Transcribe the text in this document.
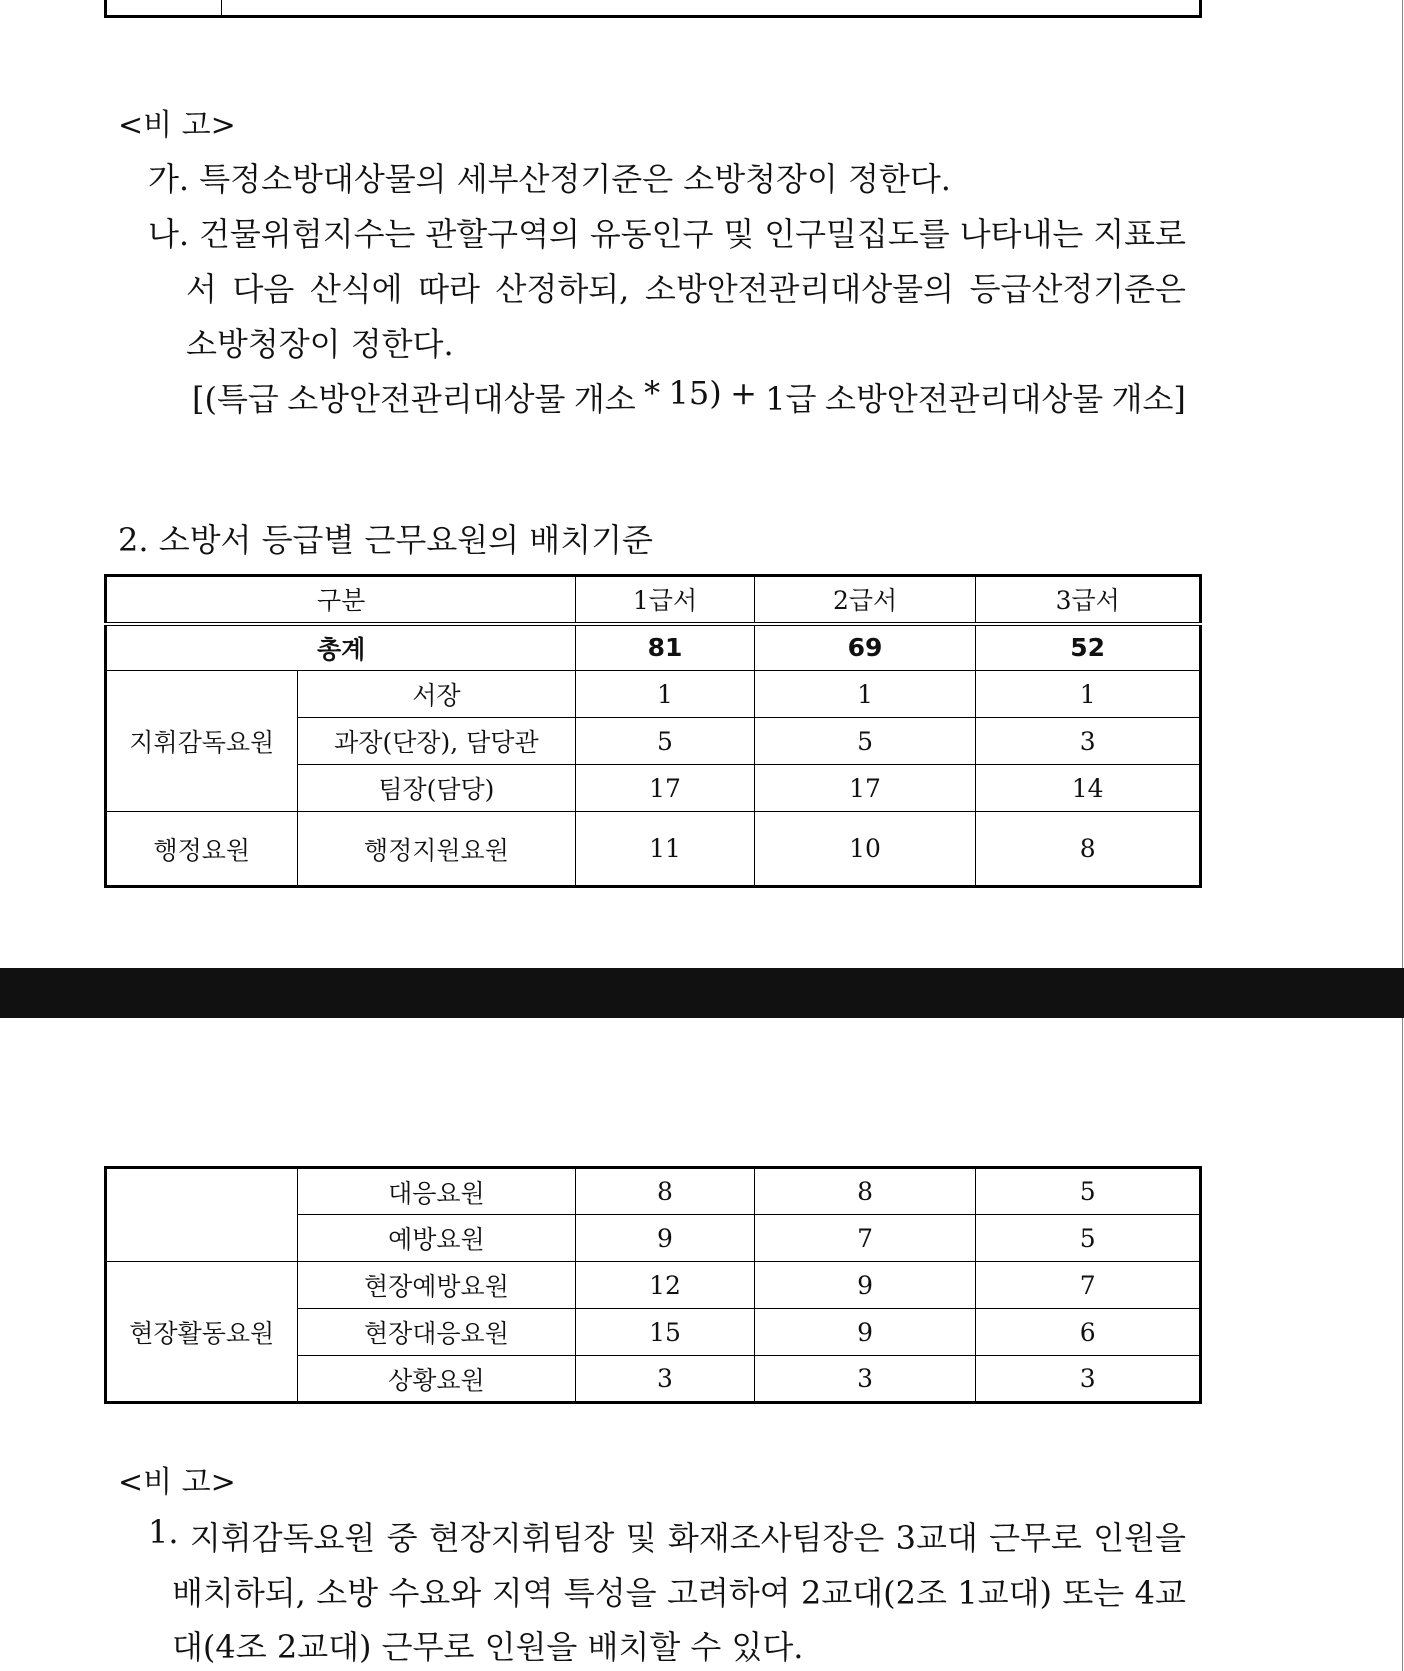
<비 고>
가. 특정소방대상물의 세부산정기준은 소방청장이 정한다.
나. 건물위험지수는 관할구역의 유동인구 및 인구밀집도를 나타내는 지표로
서 다음 산식에 따라 산정하되, 소방안전관리대상물의 등급산정기준은
소방청장이 정한다.
[(특급 소방안전관리대상물 개소 * 15) + 1급 소방안전관리대상물 개소]
2. 소방서 등급별 근무요원의 배치기준
구분		1급서	2급서	3급서
총계		81	69	52
지휘감독요원	서장	1	1	1
	과장(단장), 담당관	5	5	3
	팀장(담당)	17	17	14
행정요원	행정지원요원	11	10	8
	대응요원	8	8	5
	예방요원	9	7	5
현장활동요원	현장예방요원	12	9	7
	현장대응요원	15	9	6
	상황요원	3	3	3
<비 고>
1. 지휘감독요원 중 현장지휘팀장 및 화재조사팀장은 3교대 근무로 인원을
배치하되, 소방 수요와 지역 특성을 고려하여 2교대(2조 1교대) 또는 4교
대(4조 2교대) 근무로 인원을 배치할 수 있다.
